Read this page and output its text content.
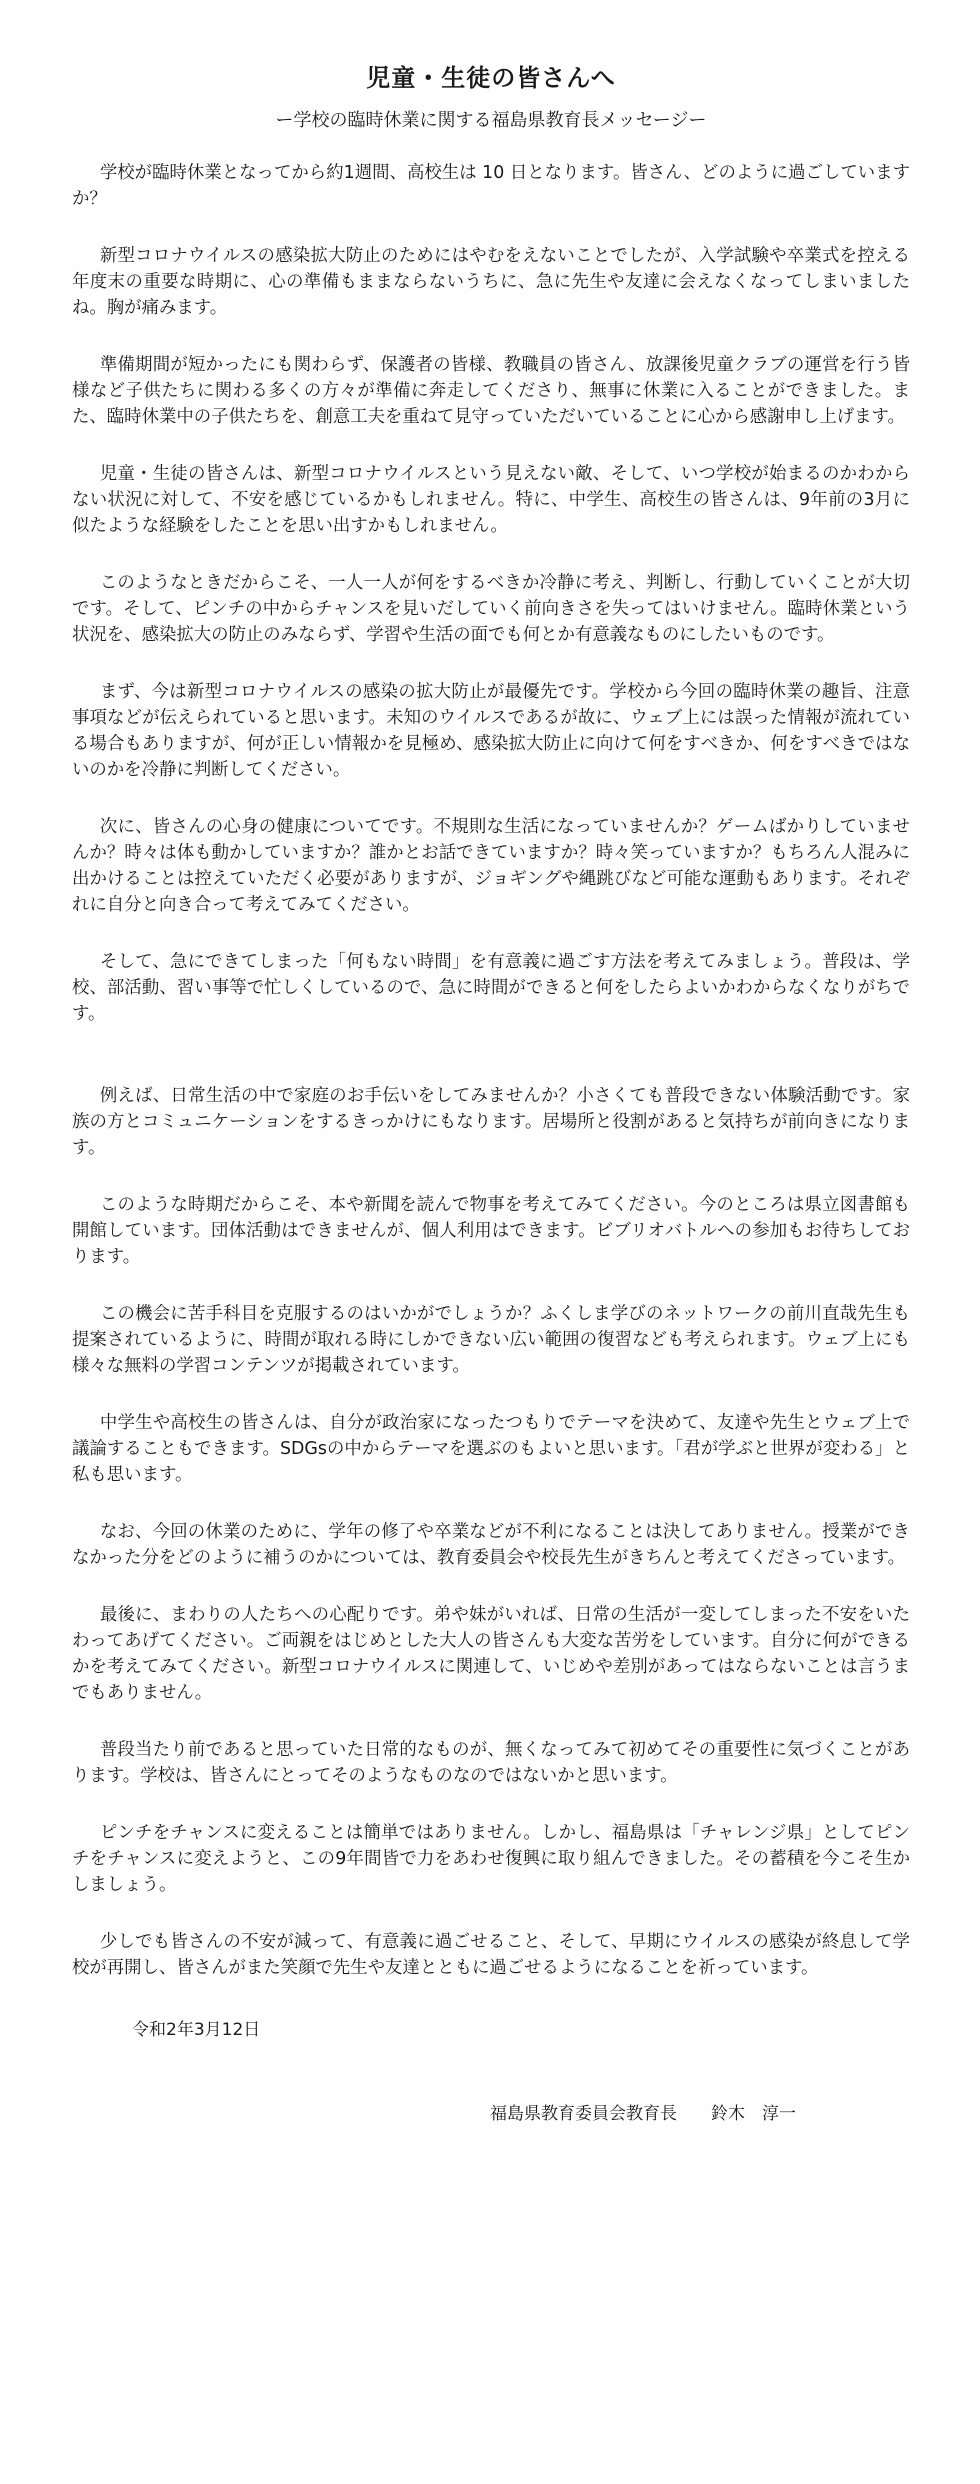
児童・生徒の皆さんへ
ー学校の臨時休業に関する福島県教育長メッセージー

学校が臨時休業となってから約1週間、高校生は 10 日となります。皆さん、どのように過ごしていますか？

新型コロナウイルスの感染拡大防止のためにはやむをえないことでしたが、入学試験や卒業式を控える年度末の重要な時期に、心の準備もままならないうちに、急に先生や友達に会えなくなってしまいましたね。胸が痛みます。

準備期間が短かったにも関わらず、保護者の皆様、教職員の皆さん、放課後児童クラブの運営を行う皆様など子供たちに関わる多くの方々が準備に奔走してくださり、無事に休業に入ることができました。また、臨時休業中の子供たちを、創意工夫を重ねて見守っていただいていることに心から感謝申し上げます。

児童・生徒の皆さんは、新型コロナウイルスという見えない敵、そして、いつ学校が始まるのかわからない状況に対して、不安を感じているかもしれません。特に、中学生、高校生の皆さんは、9年前の3月に似たような経験をしたことを思い出すかもしれません。

このようなときだからこそ、一人一人が何をするべきか冷静に考え、判断し、行動していくことが大切です。そして、ピンチの中からチャンスを見いだしていく前向きさを失ってはいけません。臨時休業という状況を、感染拡大の防止のみならず、学習や生活の面でも何とか有意義なものにしたいものです。

まず、今は新型コロナウイルスの感染の拡大防止が最優先です。学校から今回の臨時休業の趣旨、注意事項などが伝えられていると思います。未知のウイルスであるが故に、ウェブ上には誤った情報が流れている場合もありますが、何が正しい情報かを見極め、感染拡大防止に向けて何をすべきか、何をすべきではないのかを冷静に判断してください。

次に、皆さんの心身の健康についてです。不規則な生活になっていませんか？ゲームばかりしていませんか？時々は体も動かしていますか？誰かとお話できていますか？時々笑っていますか？もちろん人混みに出かけることは控えていただく必要がありますが、ジョギングや縄跳びなど可能な運動もあります。それぞれに自分と向き合って考えてみてください。

そして、急にできてしまった「何もない時間」を有意義に過ごす方法を考えてみましょう。普段は、学校、部活動、習い事等で忙しくしているので、急に時間ができると何をしたらよいかわからなくなりがちです。

例えば、日常生活の中で家庭のお手伝いをしてみませんか？小さくても普段できない体験活動です。家族の方とコミュニケーションをするきっかけにもなります。居場所と役割があると気持ちが前向きになります。

このような時期だからこそ、本や新聞を読んで物事を考えてみてください。今のところは県立図書館も開館しています。団体活動はできませんが、個人利用はできます。ビブリオバトルへの参加もお待ちしております。

この機会に苦手科目を克服するのはいかがでしょうか？ふくしま学びのネットワークの前川直哉先生も提案されているように、時間が取れる時にしかできない広い範囲の復習なども考えられます。ウェブ上にも様々な無料の学習コンテンツが掲載されています。

中学生や高校生の皆さんは、自分が政治家になったつもりでテーマを決めて、友達や先生とウェブ上で議論することもできます。SDGsの中からテーマを選ぶのもよいと思います。「君が学ぶと世界が変わる」と私も思います。

なお、今回の休業のために、学年の修了や卒業などが不利になることは決してありません。授業ができなかった分をどのように補うのかについては、教育委員会や校長先生がきちんと考えてくださっています。

最後に、まわりの人たちへの心配りです。弟や妹がいれば、日常の生活が一変してしまった不安をいたわってあげてください。ご両親をはじめとした大人の皆さんも大変な苦労をしています。自分に何ができるかを考えてみてください。新型コロナウイルスに関連して、いじめや差別があってはならないことは言うまでもありません。

普段当たり前であると思っていた日常的なものが、無くなってみて初めてその重要性に気づくことがあります。学校は、皆さんにとってそのようなものなのではないかと思います。

ピンチをチャンスに変えることは簡単ではありません。しかし、福島県は「チャレンジ県」としてピンチをチャンスに変えようと、この9年間皆で力をあわせ復興に取り組んできました。その蓄積を今こそ生かしましょう。

少しでも皆さんの不安が減って、有意義に過ごせること、そして、早期にウイルスの感染が終息して学校が再開し、皆さんがまた笑顔で先生や友達とともに過ごせるようになることを祈っています。

令和2年3月12日
福島県教育委員会教育長　　鈴木　淳一
